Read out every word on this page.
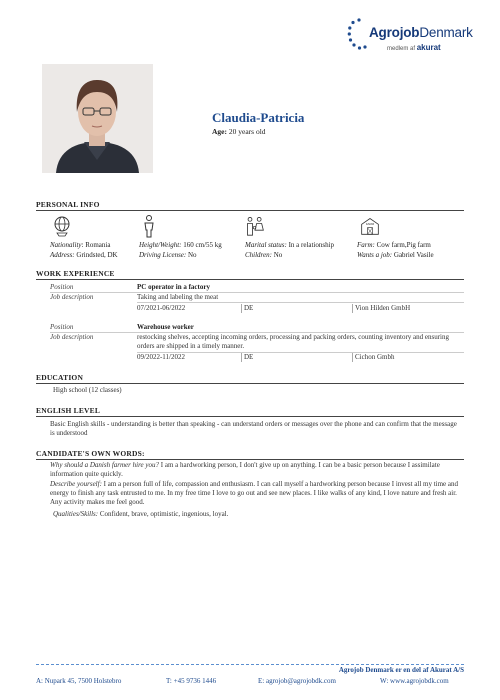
AgrojobDenmark
medlem af akurat
Claudia-Patricia
Age: 20 years old
PERSONAL INFO
FARM
Nationality: Romania
Address: Grindsted, DK
Height/Weight: 160 cm/55 kg
Driving License: No
Marital status: In a relationship
Children: No
Farm: Cow farm,Pig farm
Wants a job: Gabriel Vasile
WORK EXPERIENCE
Position	PC operator in a factory
Job description	Taking and labeling the meat
07/2021-06/2022	DE	Vion Hilden GmbH
Position	Warehouse worker
Job description	restocking shelves, accepting incoming orders, processing and packing orders, counting inventory and ensuring orders are shipped in a timely manner.
09/2022-11/2022	DE	Cichon Gmbh
EDUCATION
High school (12 classes)
ENGLISH LEVEL
Basic English skills - understanding is better than speaking - can understand orders or messages over the phone and can confirm that the message is understood
CANDIDATE'S OWN WORDS:
Why should a Danish farmer hire you? I am a hardworking person, I don't give up on anything. I can be a basic person because I assimilate information quite quickly.
Describe yourself: I am a person full of life, compassion and enthusiasm. I can call myself a hardworking person because I invest all my time and energy to finish any task entrusted to me. In my free time I love to go out and see new places. I like walks of any kind, I love nature and fresh air. Any activity makes me feel good.
Qualities/Skills: Confident, brave, optimistic, ingenious, loyal.
Agrojob Denmark er en del af Akurat A/S
A: Nupark 45, 7500 Holstebro	T: +45 9736 1446	E: agrojob@agrojobdk.com	W: www.agrojobdk.com
